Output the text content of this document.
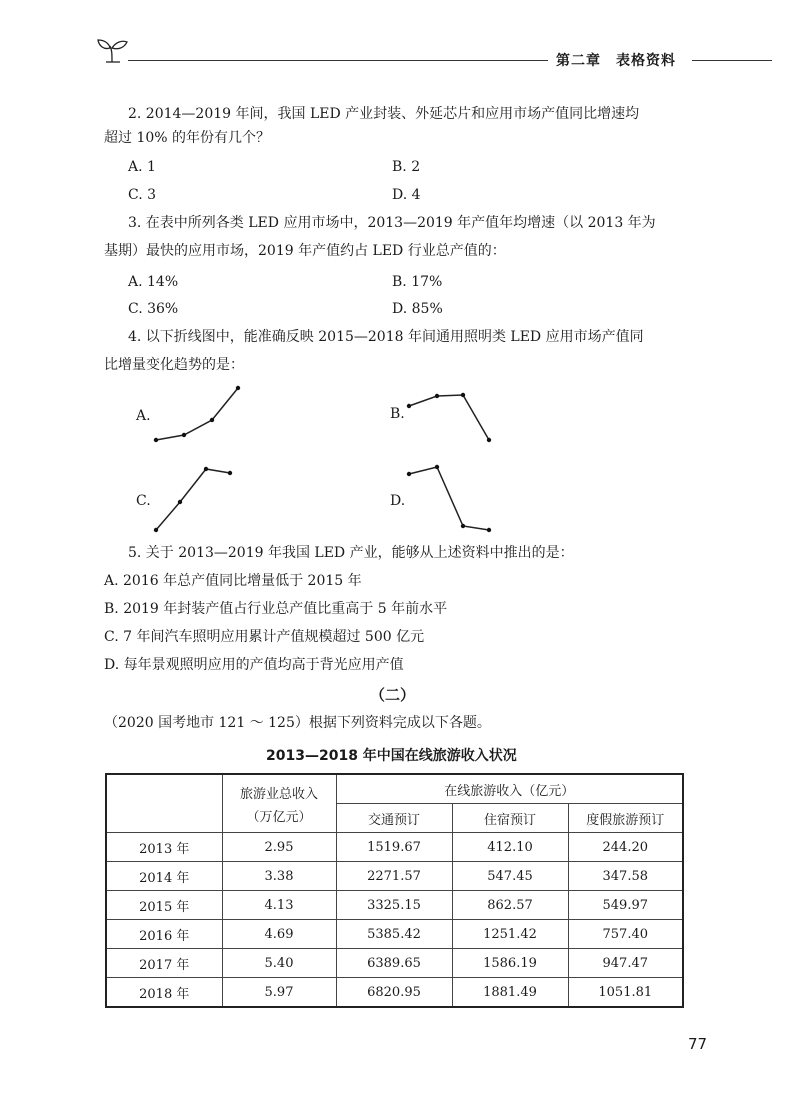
第二章　表格资料
2. 2014—2019 年间，我国 LED 产业封装、外延芯片和应用市场产值同比增速均
超过 10% 的年份有几个？
A. 1	B. 2
C. 3	D. 4
3. 在表中所列各类 LED 应用市场中，2013—2019 年产值年均增速（以 2013 年为
基期）最快的应用市场，2019 年产值约占 LED 行业总产值的：
A. 14%	B. 17%
C. 36%	D. 85%
4. 以下折线图中，能准确反映 2015—2018 年间通用照明类 LED 应用市场产值同
比增量变化趋势的是：
A.	B.
C.	D.
5. 关于 2013—2019 年我国 LED 产业，能够从上述资料中推出的是：
A. 2016 年总产值同比增量低于 2015 年
B. 2019 年封装产值占行业总产值比重高于 5 年前水平
C. 7 年间汽车照明应用累计产值规模超过 500 亿元
D. 每年景观照明应用的产值均高于背光应用产值
（二）
（2020 国考地市 121 ～ 125）根据下列资料完成以下各题。
2013—2018 年中国在线旅游收入状况

	旅游业总收入
（万亿元）	在线旅游收入（亿元）		
		交通预订	住宿预订	度假旅游预订
2013 年	2.95	1519.67	412.10	244.20
2014 年	3.38	2271.57	547.45	347.58
2015 年	4.13	3325.15	862.57	549.97
2016 年	4.69	5385.42	1251.42	757.40
2017 年	5.40	6389.65	1586.19	947.47
2018 年	5.97	6820.95	1881.49	1051.81
77
